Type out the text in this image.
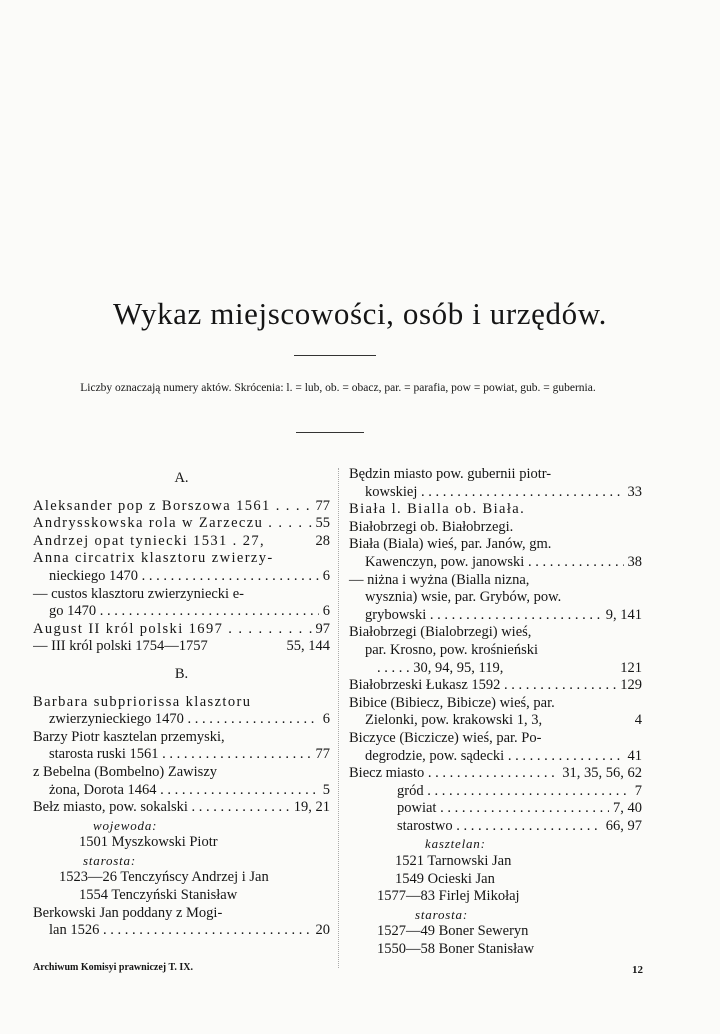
Wykaz miejscowości, osób i urzędów.
Liczby oznaczają numery aktów. Skrócenia: l. = lub, ob. = obacz, par. = parafia, pow = powiat, gub. = gubernia.
A.
Aleksander pop z Borszowa 1561 . . .	77
Andrysskowska rola w Zarzeczu . . .	55
Andrzej opat tyniecki 1531 . 27,	28
Anna circatrix klasztoru zwierzy-
nieckiego 1470 . . .	6
— custos klasztoru zwierzyniecki e-
go 1470 . . .	6
August II król polski 1697 . . .	97
— III król polski 1754—1757	55, 144
B.
Barbara subpriorissa klasztoru
zwierzynieckiego 1470 . . .	6
Barzy Piotr kasztelan przemyski,
starosta ruski 1561 . . .	77
z Bebelna (Bombelno) Zawiszy
żona, Dorota 1464 . . .	5
Bełz miasto, pow. sokalski . . .	19, 21
wojewoda:
1501 Myszkowski Piotr
starosta:
1523—26 Tenczyńscy Andrzej i Jan
1554 Tenczyński Stanisław
Berkowski Jan poddany z Mogi-
lan 1526 . . .	20
Będzin miasto pow. gubernii piotr-
kowskiej . . .	33
Biała l. Bialla ob. Biała.
Białobrzegi ob. Białobrzegi.
Biała (Biala) wieś, par. Janów, gm.
Kawenczyn, pow. janowski . . .	38
— niżna i wyżna (Bialla nizna,
wysznia) wsie, par. Grybów, pow.
grybowski . . .	9, 141
Białobrzegi (Bialobrzegi) wieś,
par. Krosno, pow. krośnieński
. . . . . 30, 94, 95, 119,	121
Białobrzeski Łukasz 1592 . . .	129
Bibice (Bibiecz, Bibicze) wieś, par.
Zielonki, pow. krakowski 1, 3,	4
Biczyce (Biczicze) wieś, par. Po-
degrodzie, pow. sądecki . . .	41
Biecz miasto . . .	31, 35, 56, 62
gród . . .	7
powiat . . .	7, 40
starostwo . . .	66, 97
kasztelan:
1521 Tarnowski Jan
1549 Ocieski Jan
1577—83 Firlej Mikołaj
starosta:
1527—49 Boner Seweryn
1550—58 Boner Stanisław
Archiwum Komisyi prawniczej T. IX.	12
